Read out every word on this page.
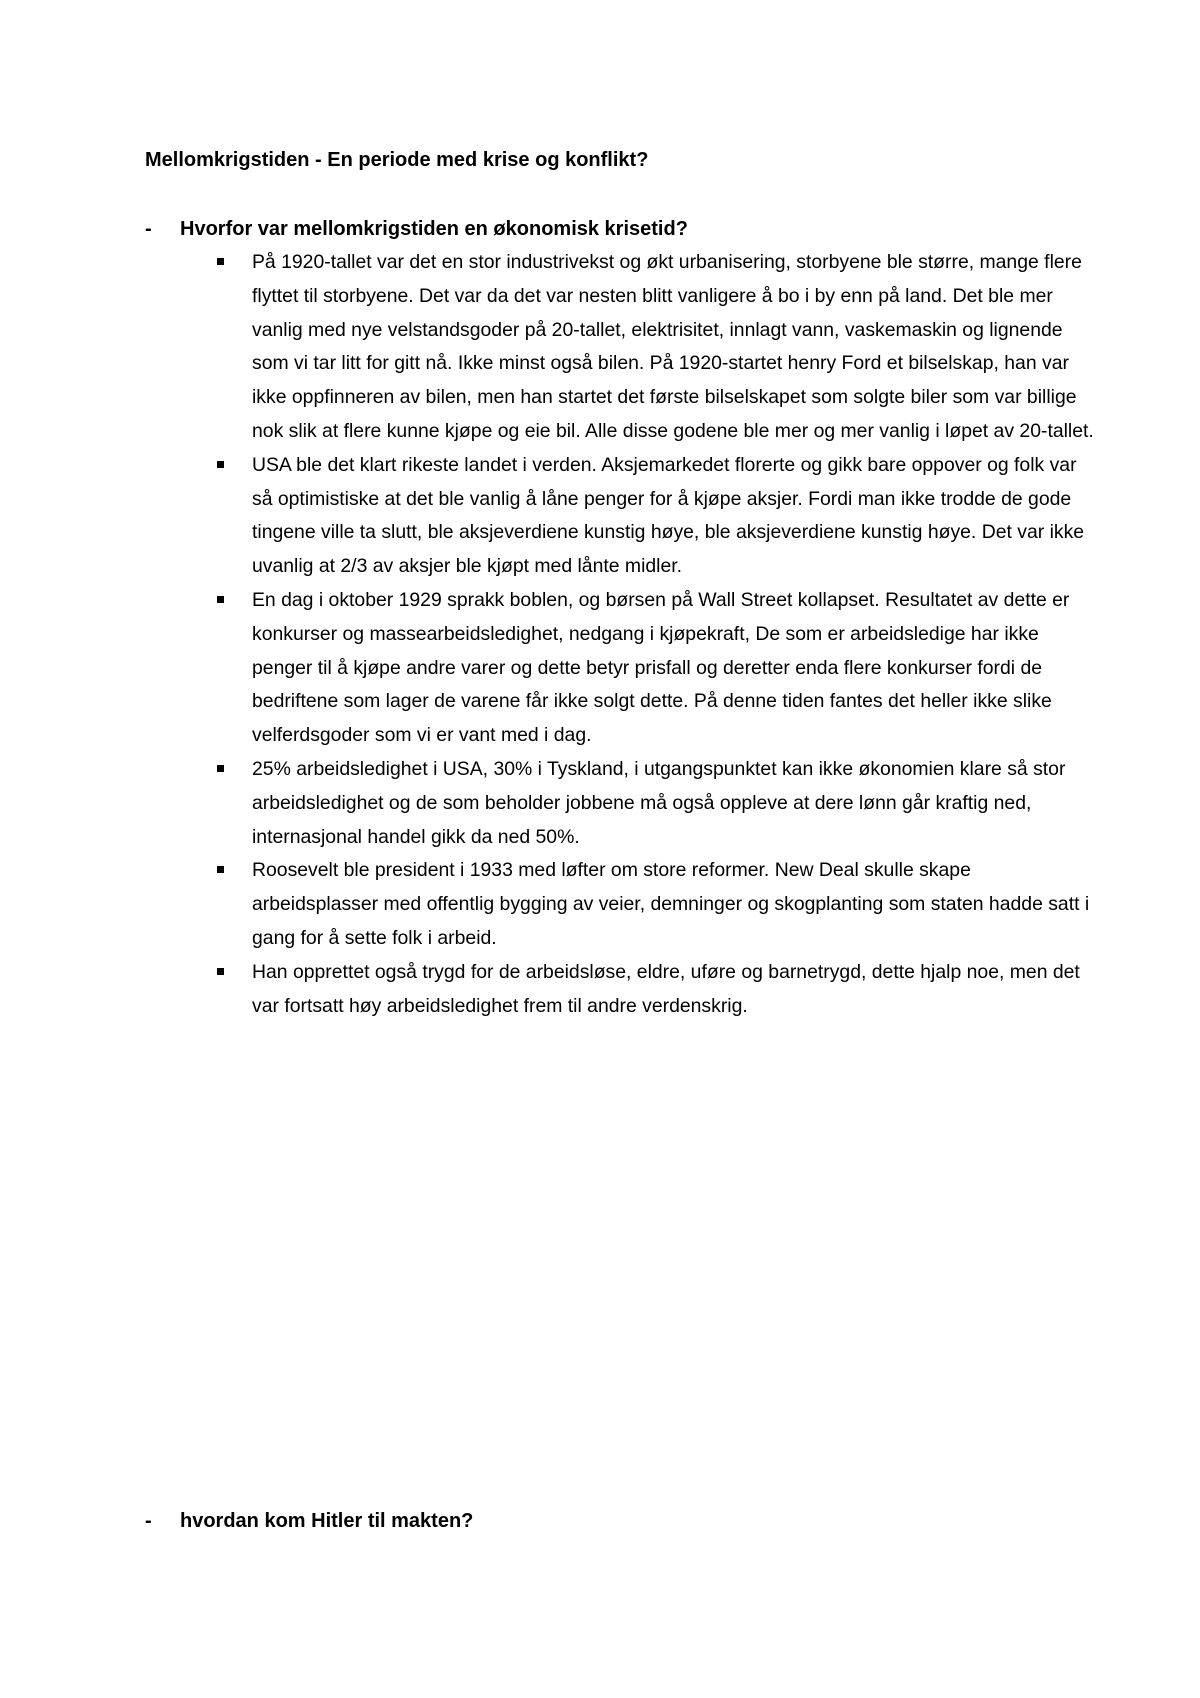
Mellomkrigstiden - En periode med krise og konflikt?
- Hvorfor var mellomkrigstiden en økonomisk krisetid?
På 1920-tallet var det en stor industrivekst og økt urbanisering, storbyene ble større, mange flere flyttet til storbyene. Det var da det var nesten blitt vanligere å bo i by enn på land. Det ble mer vanlig med nye velstandsgoder på 20-tallet, elektrisitet, innlagt vann, vaskemaskin og lignende som vi tar litt for gitt nå. Ikke minst også bilen. På 1920-startet henry Ford et bilselskap, han var ikke oppfinneren av bilen, men han startet det første bilselskapet som solgte biler som var billige nok slik at flere kunne kjøpe og eie bil. Alle disse godene ble mer og mer vanlig i løpet av 20-tallet.
USA ble det klart rikeste landet i verden. Aksjemarkedet florerte og gikk bare oppover og folk var så optimistiske at det ble vanlig å låne penger for å kjøpe aksjer. Fordi man ikke trodde de gode tingene ville ta slutt, ble aksjeverdiene kunstig høye, ble aksjeverdiene kunstig høye. Det var ikke uvanlig at 2/3 av aksjer ble kjøpt med lånte midler.
En dag i oktober 1929 sprakk boblen, og børsen på Wall Street kollapset. Resultatet av dette er konkurser og massearbeidsledighet, nedgang i kjøpekraft, De som er arbeidsledige har ikke penger til å kjøpe andre varer og dette betyr prisfall og deretter enda flere konkurser fordi de bedriftene som lager de varene får ikke solgt dette. På denne tiden fantes det heller ikke slike velferdsgoder som vi er vant med i dag.
25% arbeidsledighet i USA, 30% i Tyskland, i utgangspunktet kan ikke økonomien klare så stor arbeidsledighet og de som beholder jobbene må også oppleve at dere lønn går kraftig ned, internasjonal handel gikk da ned 50%.
Roosevelt ble president i 1933 med løfter om store reformer. New Deal skulle skape arbeidsplasser med offentlig bygging av veier, demninger og skogplanting som staten hadde satt i gang for å sette folk i arbeid.
Han opprettet også trygd for de arbeidsløse, eldre, uføre og barnetrygd, dette hjalp noe, men det var fortsatt høy arbeidsledighet frem til andre verdenskrig.
- hvordan kom Hitler til makten?
